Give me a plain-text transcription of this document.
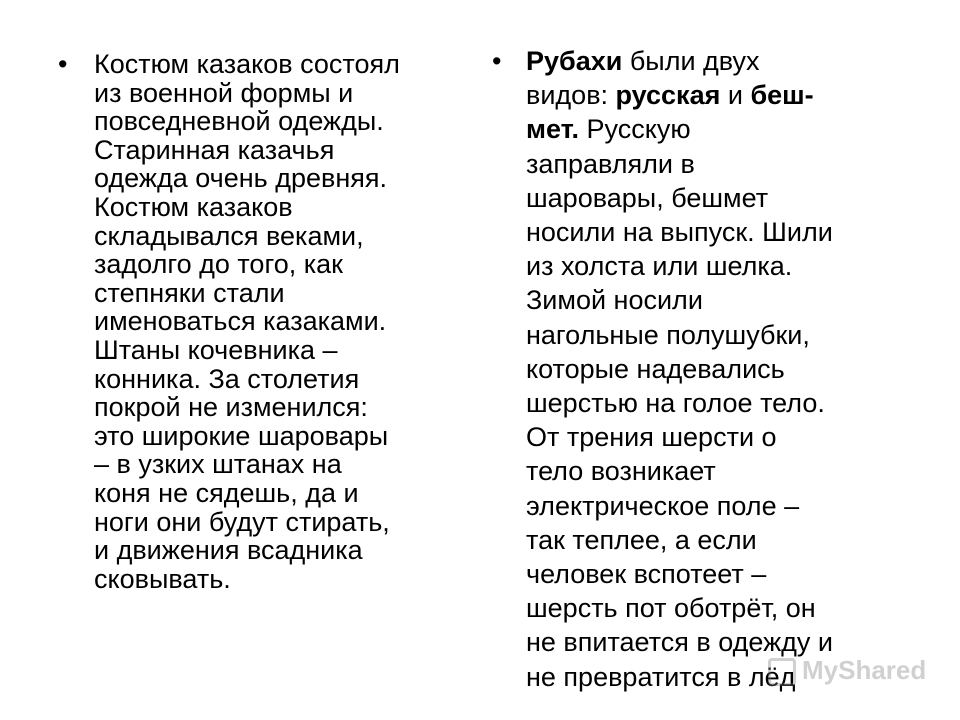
• Костюм казаков состоял
из военной формы и
повседневной одежды.
Старинная казачья
одежда очень древняя.
Костюм казаков
складывался веками,
задолго до того, как
степняки стали
именоваться казаками.
Штаны кочевника –
конника. За столетия
покрой не изменился:
это широкие шаровары
– в узких штанах на
коня не сядешь, да и
ноги они будут стирать,
и движения всадника
сковывать.
• Рубахи были двух
видов: русская и беш-
мет. Русскую
заправляли в
шаровары, бешмет
носили на выпуск. Шили
из холста или шелка.
Зимой носили
нагольные полушубки,
которые надевались
шерстью на голое тело.
От трения шерсти о
тело возникает
электрическое поле –
так теплее, а если
человек вспотеет –
шерсть пот оботрёт, он
не впитается в одежду и
не превратится в лёд MyShared
